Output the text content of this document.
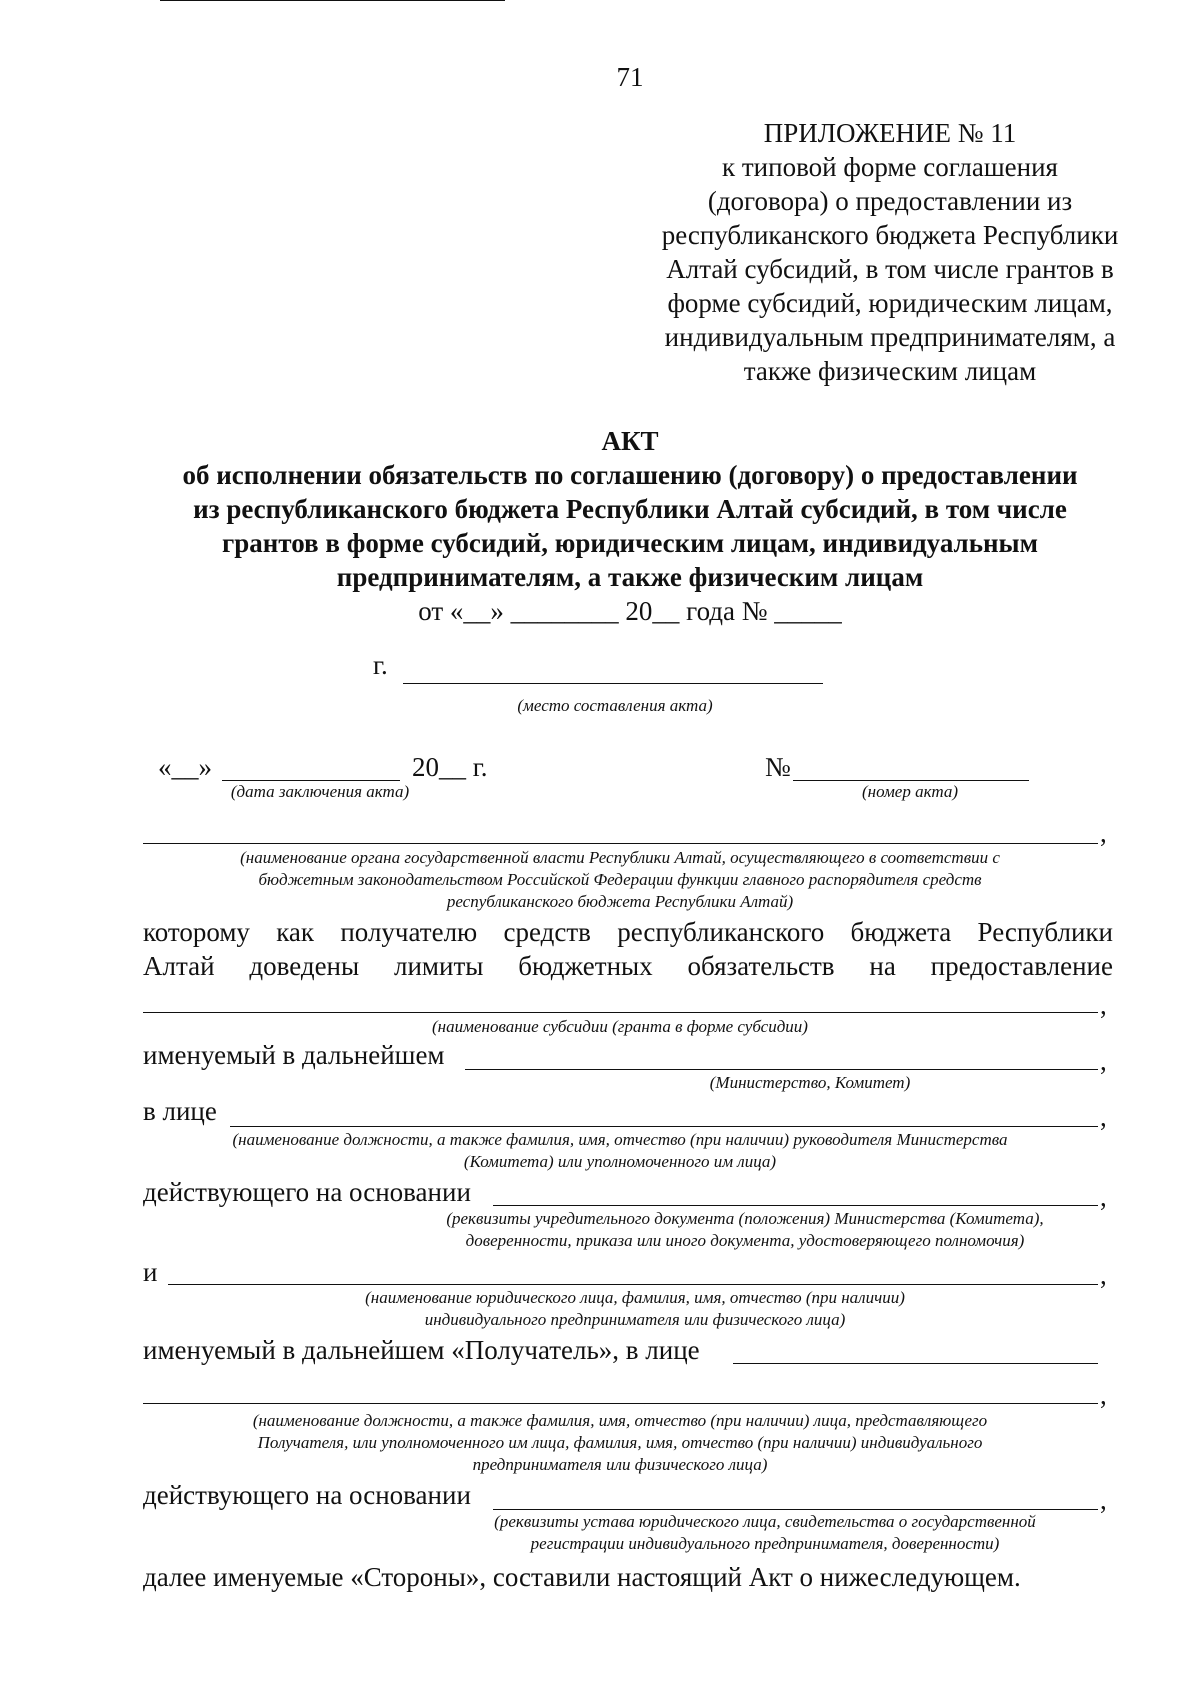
71
ПРИЛОЖЕНИЕ № 11
к типовой форме соглашения
(договора) о предоставлении из
республиканского бюджета Республики
Алтай субсидий, в том числе грантов в
форме субсидий, юридическим лицам,
индивидуальным предпринимателям, а
также физическим лицам
АКТ
об исполнении обязательств по соглашению (договору) о предоставлении
из республиканского бюджета Республики Алтай субсидий, в том числе
грантов в форме субсидий, юридическим лицам, индивидуальным
предпринимателям, а также физическим лицам
от «__» ________ 20__ года № _____
г.
(место составления акта)
«__»	20__ г.
(дата заключения акта)
№
(номер акта)
,
(наименование органа государственной власти Республики Алтай, осуществляющего в соответствии с
бюджетным законодательством Российской Федерации функции главного распорядителя средств
республиканского бюджета Республики Алтай)
которому как получателю средств республиканского бюджета Республики
Алтай доведены лимиты бюджетных обязательств на предоставление
,
(наименование субсидии (гранта в форме субсидии)
именуемый в дальнейшем	,
(Министерство, Комитет)
в лице	,
(наименование должности, а также фамилия, имя, отчество (при наличии) руководителя Министерства
(Комитета) или уполномоченного им лица)
действующего на основании	,
(реквизиты учредительного документа (положения) Министерства (Комитета),
доверенности, приказа или иного документа, удостоверяющего полномочия)
и	,
(наименование юридического лица, фамилия, имя, отчество (при наличии)
индивидуального предпринимателя или физического лица)
именуемый в дальнейшем «Получатель», в лице
,
(наименование должности, а также фамилия, имя, отчество (при наличии) лица, представляющего
Получателя, или уполномоченного им лица, фамилия, имя, отчество (при наличии) индивидуального
предпринимателя или физического лица)
действующего на основании	,
(реквизиты устава юридического лица, свидетельства о государственной
регистрации индивидуального предпринимателя, доверенности)
далее именуемые «Стороны», составили настоящий Акт о нижеследующем.
